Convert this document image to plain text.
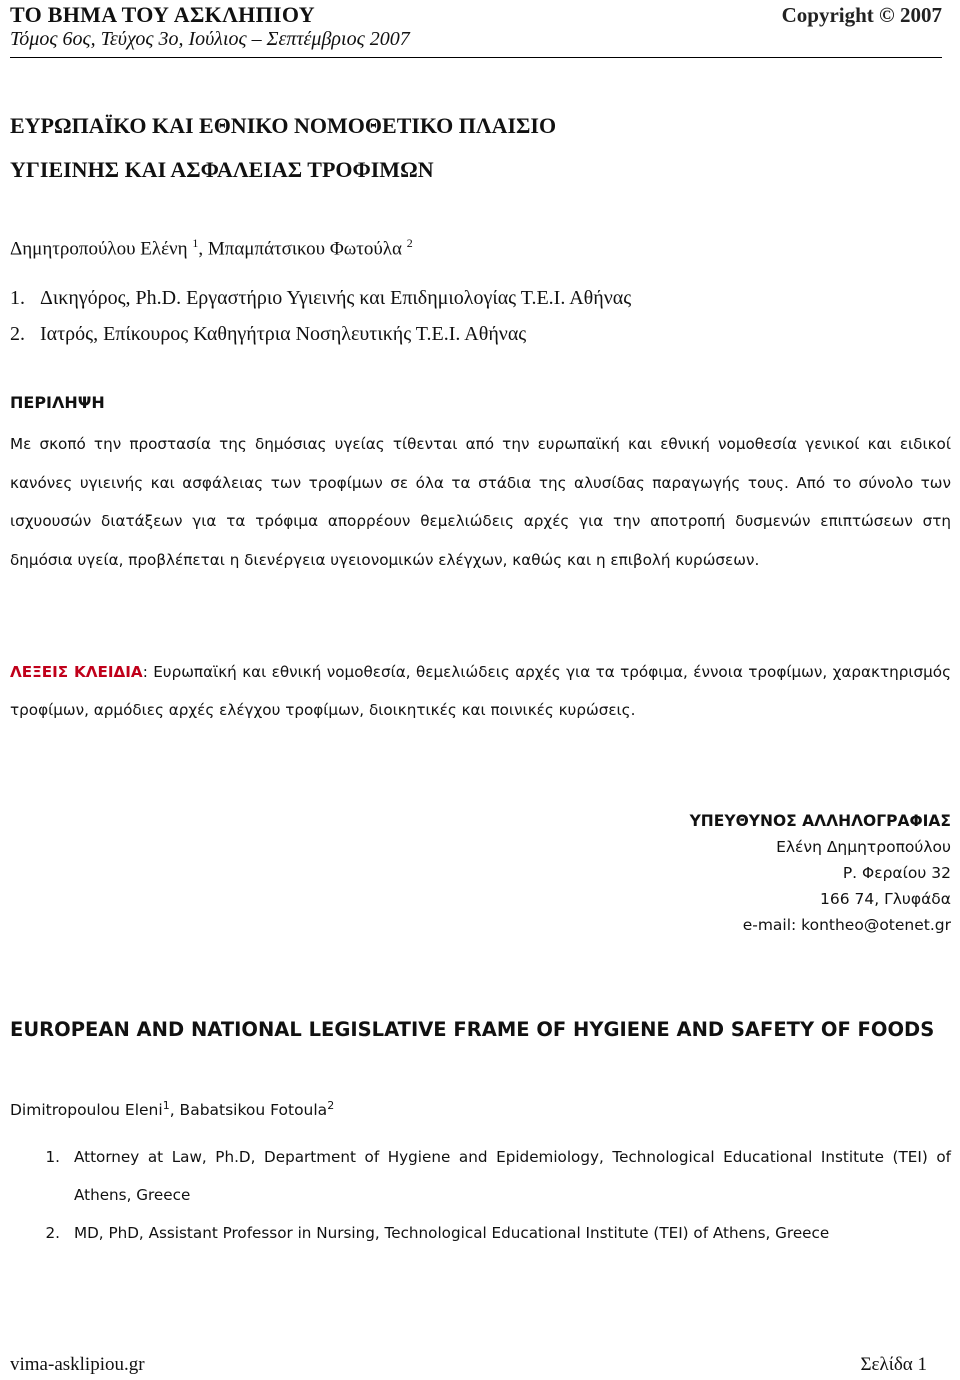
ΤΟ ΒΗΜΑ ΤΟΥ ΑΣΚΛΗΠΙΟΥ	Copyright © 2007
Τόμος 6ος, Τεύχος 3ο, Ιούλιος – Σεπτέμβριος 2007
ΕΥΡΩΠΑΪΚΟ ΚΑΙ ΕΘΝΙΚΟ ΝΟΜΟΘΕΤΙΚΟ ΠΛΑΙΣΙΟ
ΥΓΙΕΙΝΗΣ ΚΑΙ ΑΣΦΑΛΕΙΑΣ ΤΡΟΦΙΜΩΝ
Δημητροπούλου Ελένη $^1$, Μπαμπάτσικου Φωτούλα $^2$
1. Δικηγόρος, Ph.D. Εργαστήριο Υγιεινής και Επιδημιολογίας Τ.Ε.Ι. Αθήνας
2. Ιατρός, Επίκουρος Καθηγήτρια Νοσηλευτικής Τ.Ε.Ι. Αθήνας
ΠΕΡΙΛΗΨΗ
Με σκοπό την προστασία της δημόσιας υγείας τίθενται από την ευρωπαϊκή και εθνική νομοθεσία γενικοί και ειδικοί κανόνες υγιεινής και ασφάλειας των τροφίμων σε όλα τα στάδια της αλυσίδας παραγωγής τους. Από το σύνολο των ισχυουσών διατάξεων για τα τρόφιμα απορρέουν θεμελιώδεις αρχές για την αποτροπή δυσμενών επιπτώσεων στη δημόσια υγεία, προβλέπεται η διενέργεια υγειονομικών ελέγχων, καθώς και η επιβολή κυρώσεων.
ΛΕΞΕΙΣ ΚΛΕΙΔΙΑ: Ευρωπαϊκή και εθνική νομοθεσία, θεμελιώδεις αρχές για τα τρόφιμα, έννοια τροφίμων, χαρακτηρισμός τροφίμων, αρμόδιες αρχές ελέγχου τροφίμων, διοικητικές και ποινικές κυρώσεις.
ΥΠΕΥΘΥΝΟΣ ΑΛΛΗΛΟΓΡΑΦΙΑΣ
Ελένη Δημητροπούλου
Ρ. Φεραίου 32
166 74, Γλυφάδα
e-mail: kontheo@otenet.gr
EUROPEAN AND NATIONAL LEGISLATIVE FRAME OF HYGIENE AND SAFETY OF FOODS
Dimitropoulou Eleni$^1$, Babatsikou Fotoula$^2$
1. Attorney at Law, Ph.D, Department of Hygiene and Epidemiology, Technological Educational Institute (TEI) of Athens, Greece
2. MD, PhD, Assistant Professor in Nursing, Technological Educational Institute (TEI) of Athens, Greece
vima-asklipiou.gr	Σελίδα 1
